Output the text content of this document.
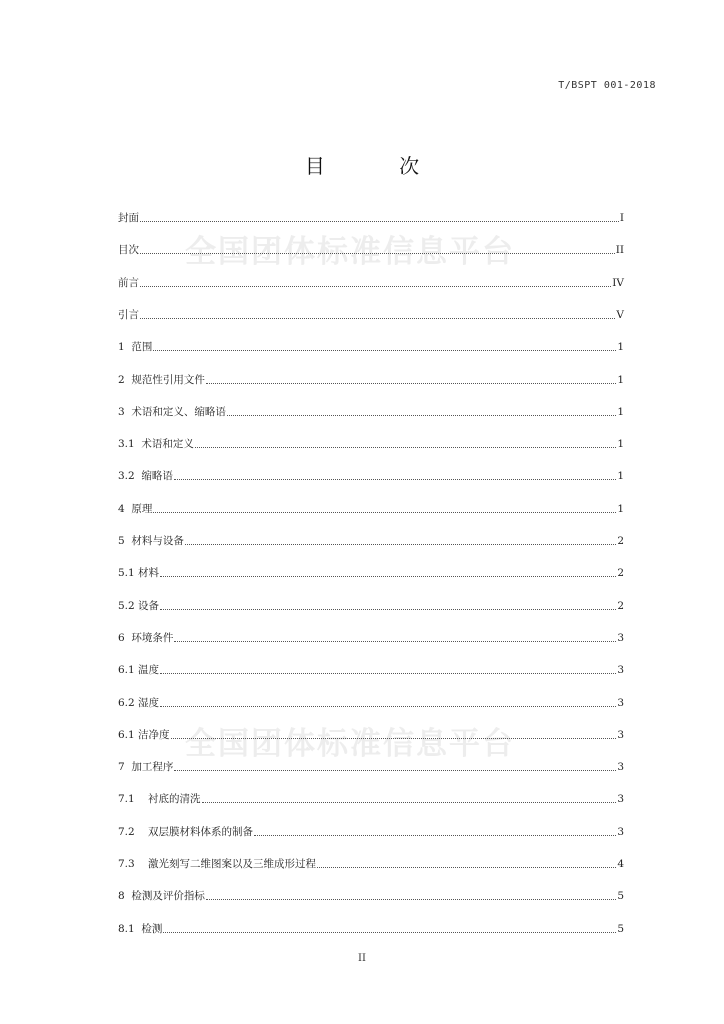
T/BSPT 001-2018
目 次
全国团体标准信息平台
全国团体标准信息平台
封面	I
目次	II
前言	IV
引言	V
1  范围	1
2  规范性引用文件	1
3  术语和定义、缩略语	1
3.1  术语和定义	1
3.2  缩略语	1
4  原理	1
5  材料与设备	2
5.1 材料	2
5.2 设备	2
6  环境条件	3
6.1 温度	3
6.2 湿度	3
6.1 洁净度	3
7  加工程序	3
7.1    衬底的清洗	3
7.2    双层膜材料体系的制备	3
7.3    激光刻写二维图案以及三维成形过程	4
8  检测及评价指标	5
8.1  检测	5
II
